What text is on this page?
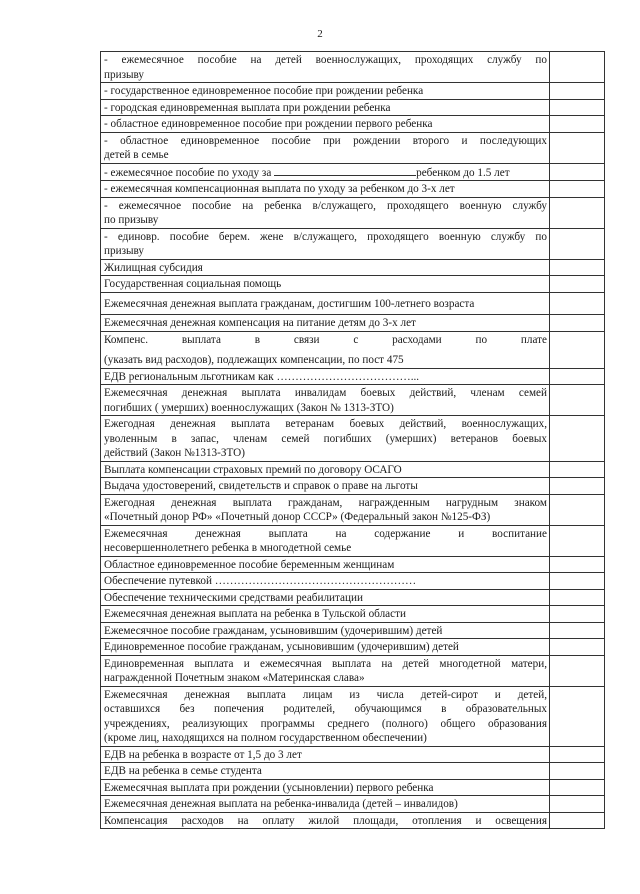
2
- ежемесячное пособие на детей военнослужащих, проходящих службу по
призыву	

- государственное единовременное пособие при рождении ребенка	

- городская единовременная выплата при рождении ребенка	

- областное единовременное пособие при рождении первого ребенка	

- областное единовременное пособие при рождении второго и последующих
детей в семье	

- ежемесячное пособие по уходу за ребенком до 1.5 лет	

- ежемесячная компенсационная выплата по уходу за ребенком до 3-х лет	

- ежемесячное пособие на ребенка в/служащего, проходящего военную службу
по призыву	

- единовр. пособие берем. жене в/служащего, проходящего военную службу по
призыву	

Жилищная субсидия	

Государственная социальная помощь	

Ежемесячная денежная выплата гражданам, достигшим 100-летнего возраста	

Ежемесячная денежная компенсация на питание детям до 3-х лет	

Компенс. выплата в связи с расходами по плате
(указать вид расходов), подлежащих компенсации, по пост 475	

ЕДВ региональным льготникам как ………………………………...	

Ежемесячная денежная выплата инвалидам боевых действий, членам семей
погибших ( умерших) военнослужащих (Закон № 1313-ЗТО)	

Ежегодная денежная выплата ветеранам боевых действий, военнослужащих,
уволенным в запас, членам семей погибших (умерших) ветеранов боевых
действий (Закон №1313-ЗТО)	

Выплата компенсации страховых премий по договору ОСАГО	

Выдача удостоверений, свидетельств и справок о праве на льготы	

Ежегодная денежная выплата гражданам, награжденным нагрудным знаком
«Почетный донор РФ» «Почетный донор СССР» (Федеральный закон №125-ФЗ)	

Ежемесячная денежная выплата на содержание и воспитание
несовершеннолетнего ребенка в многодетной семье	

Областное единовременное пособие беременным женщинам	

Обеспечение путевкой ………………………………………………	

Обеспечение техническими средствами реабилитации	

Ежемесячная денежная выплата на ребенка в Тульской области	

Ежемесячное пособие гражданам, усыновившим (удочерившим) детей	

Единовременное пособие гражданам, усыновившим (удочерившим) детей	

Единовременная выплата и ежемесячная выплата на детей многодетной матери,
награжденной Почетным знаком «Материнская слава»	

Ежемесячная денежная выплата лицам из числа детей-сирот и детей,
оставшихся без попечения родителей, обучающимся в образовательных
учреждениях, реализующих программы среднего (полного) общего образования
(кроме лиц, находящихся на полном государственном обеспечении)	

ЕДВ на ребенка в возрасте от 1,5 до 3 лет	

ЕДВ на ребенка в семье студента	

Ежемесячная выплата при рождении (усыновлении) первого ребенка	

Ежемесячная денежная выплата на ребенка-инвалида (детей – инвалидов)	

Компенсация расходов на оплату жилой площади, отопления и освещения	
